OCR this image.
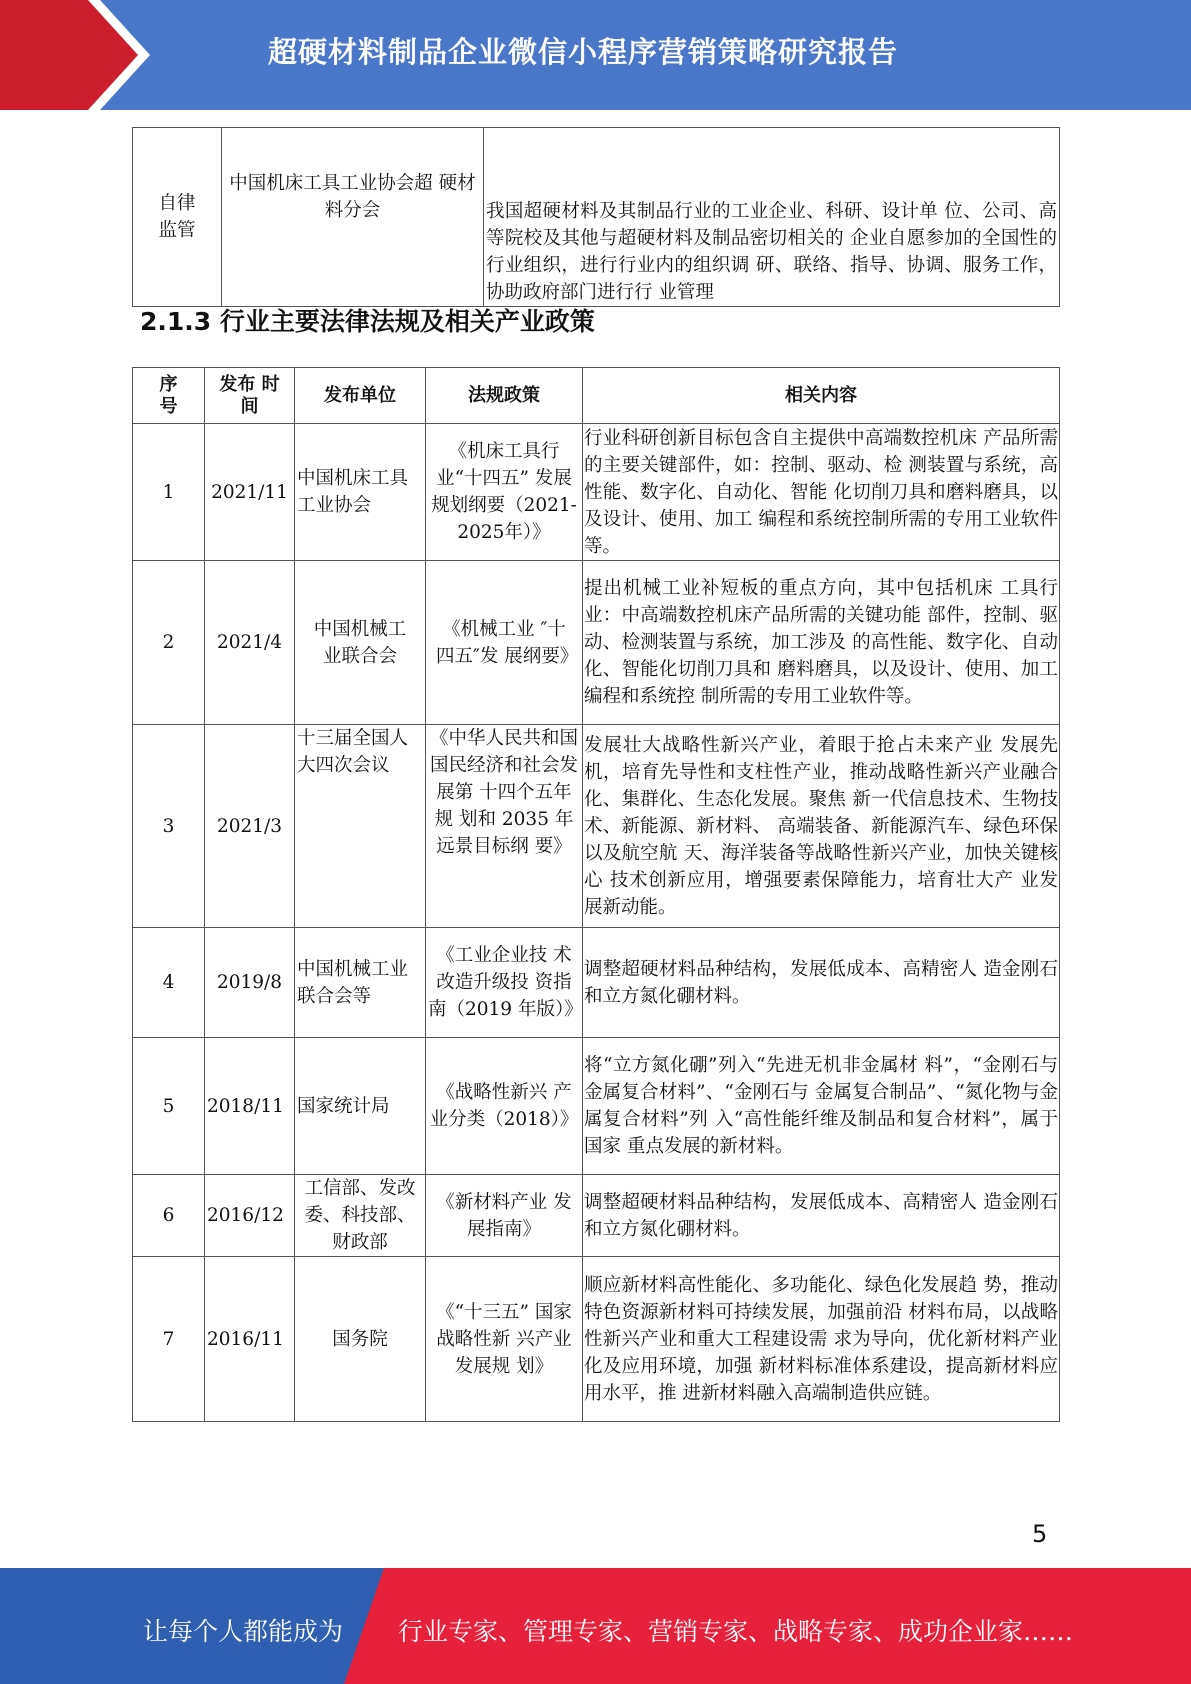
超硬材料制品企业微信小程序营销策略研究报告
自律监管	中国机床工具工业协会超 硬材料分会	我国超硬材料及其制品行业的工业企业、科研、设计单 位、公司、高等院校及其他与超硬材料及制品密切相关的 企业自愿参加的全国性的行业组织，进行行业内的组织调 研、联络、指导、协调、服务工作，协助政府部门进行行 业管理
2.1.3 行业主要法律法规及相关产业政策
序号	发布 时间	发布单位	法规政策	相关内容
1	2021/11	中国机床工具工业协会	《机床工具行 业“十四五” 发展规划纲要（2021-2025年）》	行业科研创新目标包含自主提供中高端数控机床 产品所需的主要关键部件，如：控制、驱动、检 测装置与系统，高性能、数字化、自动化、智能 化切削刀具和磨料磨具，以及设计、使用、加工 编程和系统控制所需的专用工业软件等。
2	2021/4	中国机械工业联合会	《机械工业 ″十四五″发 展纲要》	提出机械工业补短板的重点方向，其中包括机床 工具行业：中高端数控机床产品所需的关键功能 部件，控制、驱动、检测装置与系统，加工涉及 的高性能、数字化、自动化、智能化切削刀具和 磨料磨具，以及设计、使用、加工编程和系统控 制所需的专用工业软件等。
3	2021/3	十三届全国人大四次会议	《中华人民共和国国民经济和社会发展第 十四个五年规 划和 2035 年 远景目标纲 要》	发展壮大战略性新兴产业，着眼于抢占未来产业 发展先机，培育先导性和支柱性产业，推动战略性新兴产业融合化、集群化、生态化发展。聚焦 新一代信息技术、生物技术、新能源、新材料、 高端装备、新能源汽车、绿色环保以及航空航 天、海洋装备等战略性新兴产业，加快关键核心 技术创新应用，增强要素保障能力，培育壮大产 业发展新动能。
4	2019/8	中国机械工业联合会等	《工业企业技 术改造升级投 资指南（2019 年版）》	调整超硬材料品种结构，发展低成本、高精密人 造金刚石和立方氮化硼材料。
5	2018/11	国家统计局	《战略性新兴 产业分类（2018）》	将“立方氮化硼”列入“先进无机非金属材 料”，“金刚石与金属复合材料”、“金刚石与 金属复合制品”、“氮化物与金属复合材料”列 入“高性能纤维及制品和复合材料”，属于国家 重点发展的新材料。
6	2016/12	工信部、发改委、科技部、财政部	《新材料产业 发展指南》	调整超硬材料品种结构，发展低成本、高精密人 造金刚石和立方氮化硼材料。
7	2016/11	国务院	《“十三五” 国家战略性新 兴产业发展规 划》	顺应新材料高性能化、多功能化、绿色化发展趋 势，推动特色资源新材料可持续发展，加强前沿 材料布局，以战略性新兴产业和重大工程建设需 求为导向，优化新材料产业化及应用环境，加强 新材料标准体系建设，提高新材料应用水平，推 进新材料融入高端制造供应链。
5
让每个人都能成为 行业专家、管理专家、营销专家、战略专家、成功企业家……
